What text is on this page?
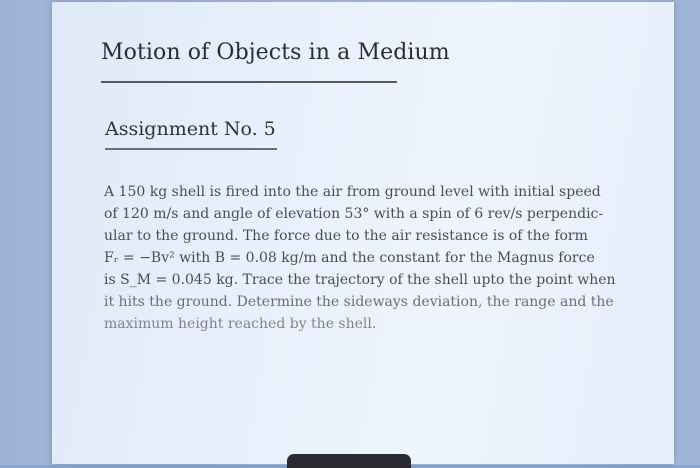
Motion of Objects in a Medium
Assignment No. 5

A 150 kg shell is fired into the air from ground level with initial speed
of 120 m/s and angle of elevation 53° with a spin of 6 rev/s perpendic-
ular to the ground. The force due to the air resistance is of the form
Fᵣ = −Bv² with B = 0.08 kg/m and the constant for the Magnus force
is S_M = 0.045 kg. Trace the trajectory of the shell upto the point when
it hits the ground. Determine the sideways deviation, the range and the
maximum height reached by the shell.
